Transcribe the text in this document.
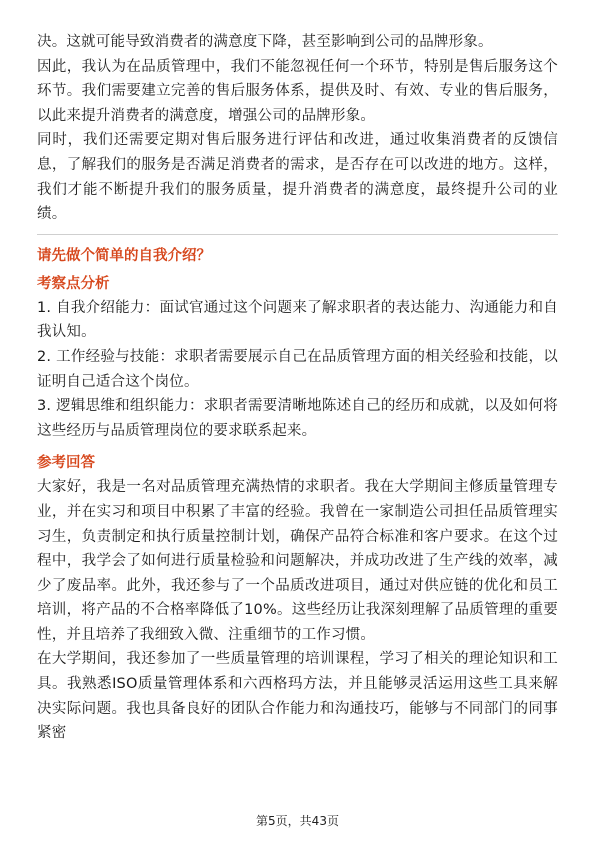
决。这就可能导致消费者的满意度下降，甚至影响到公司的品牌形象。

因此，我认为在品质管理中，我们不能忽视任何一个环节，特别是售后服务这个环节。我们需要建立完善的售后服务体系，提供及时、有效、专业的售后服务，以此来提升消费者的满意度，增强公司的品牌形象。

同时，我们还需要定期对售后服务进行评估和改进，通过收集消费者的反馈信息，了解我们的服务是否满足消费者的需求，是否存在可以改进的地方。这样，我们才能不断提升我们的服务质量，提升消费者的满意度，最终提升公司的业绩。

请先做个简单的自我介绍？

考察点分析

1. 自我介绍能力：面试官通过这个问题来了解求职者的表达能力、沟通能力和自我认知。

2. 工作经验与技能：求职者需要展示自己在品质管理方面的相关经验和技能，以证明自己适合这个岗位。

3. 逻辑思维和组织能力：求职者需要清晰地陈述自己的经历和成就，以及如何将这些经历与品质管理岗位的要求联系起来。

参考回答

大家好，我是一名对品质管理充满热情的求职者。我在大学期间主修质量管理专业，并在实习和项目中积累了丰富的经验。我曾在一家制造公司担任品质管理实习生，负责制定和执行质量控制计划，确保产品符合标准和客户要求。在这个过程中，我学会了如何进行质量检验和问题解决，并成功改进了生产线的效率，减少了废品率。此外，我还参与了一个品质改进项目，通过对供应链的优化和员工培训，将产品的不合格率降低了10%。这些经历让我深刻理解了品质管理的重要性，并且培养了我细致入微、注重细节的工作习惯。

在大学期间，我还参加了一些质量管理的培训课程，学习了相关的理论知识和工具。我熟悉ISO质量管理体系和六西格玛方法，并且能够灵活运用这些工具来解决实际问题。我也具备良好的团队合作能力和沟通技巧，能够与不同部门的同事紧密

第5页，共43页
